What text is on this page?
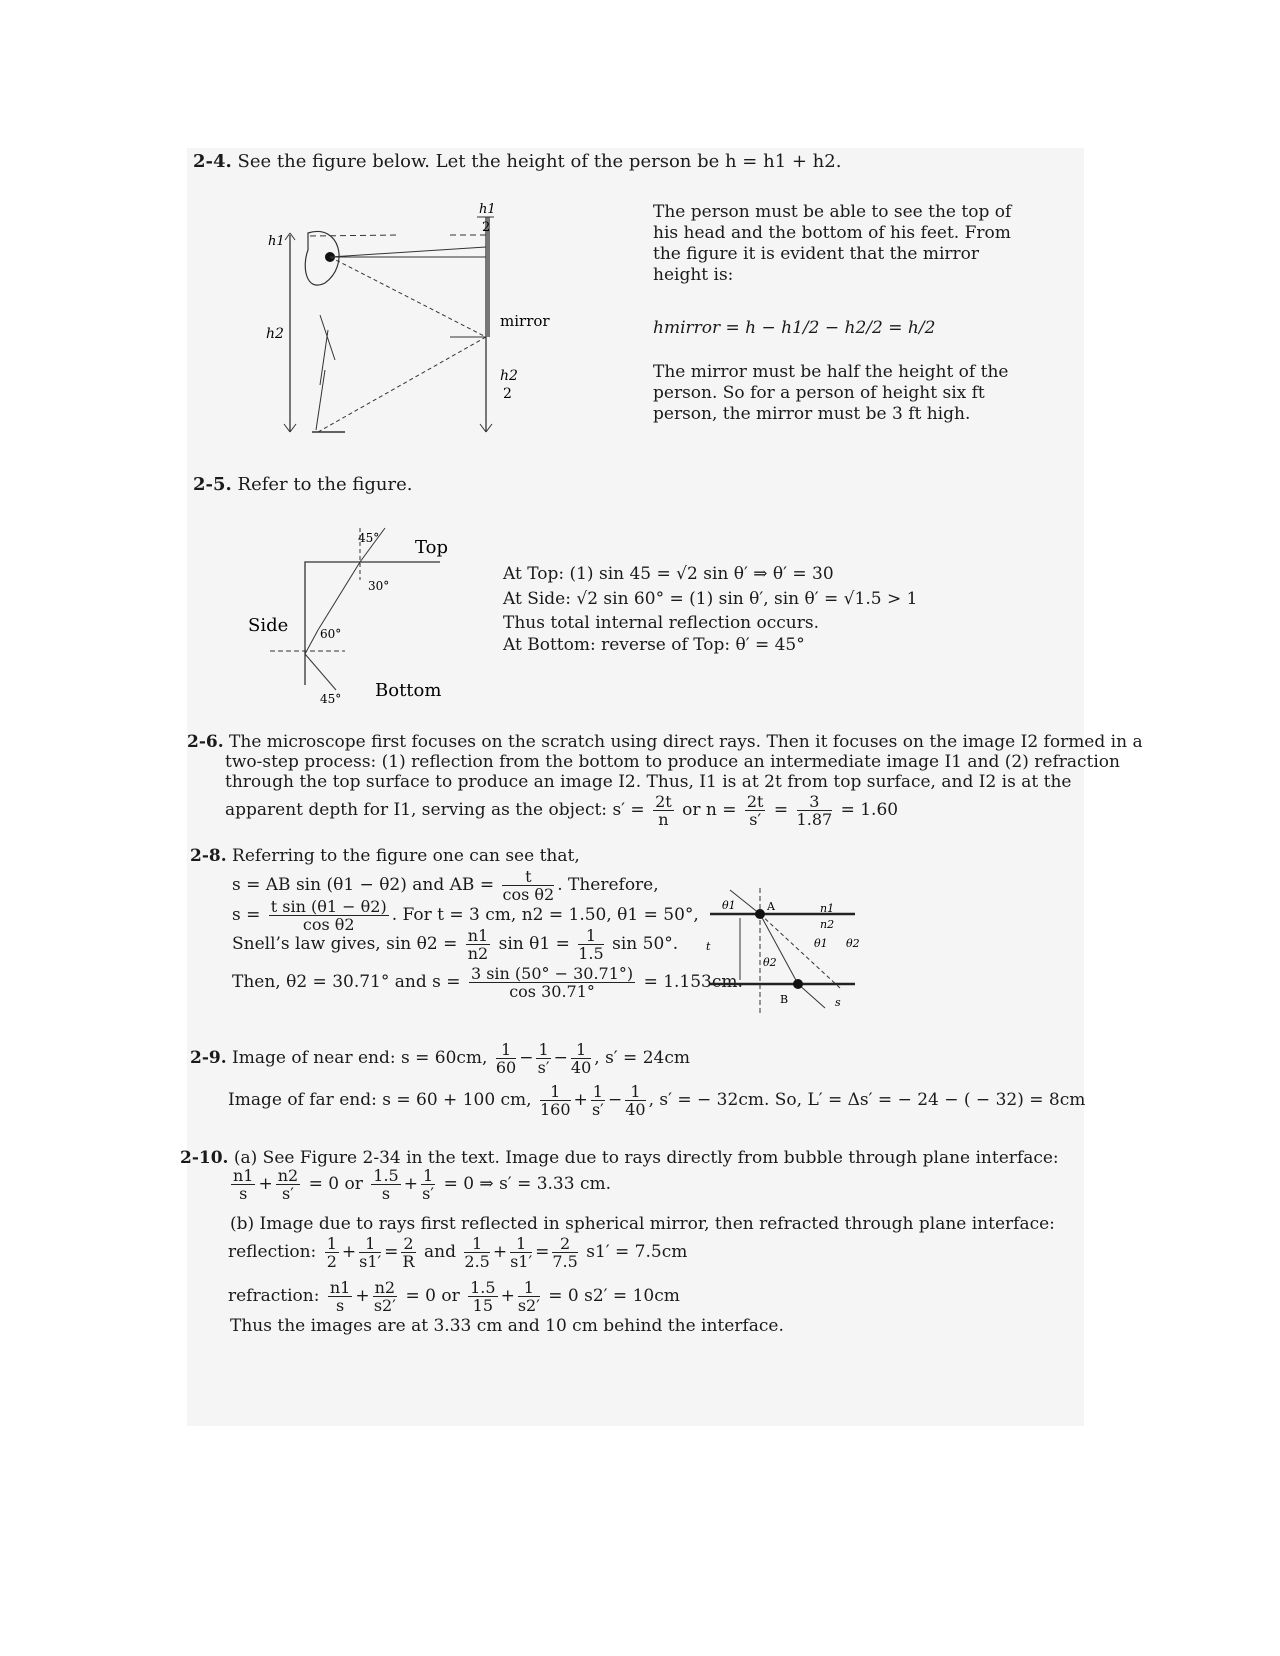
2-4. See the figure below. Let the height of the person be h = h1 + h2.
h1
h2
h1
2
mirror
h2
2
The person must be able to see the top of his head and the bottom of his feet. From the figure it is evident that the mirror height is:
hmirror = h − h1/2 − h2/2 = h/2
The mirror must be half the height of the person. So for a person of height six ft person, the mirror must be 3 ft high.
2-5. Refer to the figure.
45°
30°
60°
45°
Top
Side
Bottom
At Top: (1) sin 45 = √2 sin θ′ ⇒ θ′ = 30
At Side: √2 sin 60° = (1) sin θ′, sin θ′ = √1.5 > 1
Thus total internal reflection occurs.
At Bottom: reverse of Top: θ′ = 45°
2-6. The microscope first focuses on the scratch using direct rays. Then it focuses on the image I2 formed in a
two-step process: (1) reflection from the bottom to produce an intermediate image I1 and (2) refraction
through the top surface to produce an image I2. Thus, I1 is at 2t from top surface, and I2 is at the
apparent depth for I1, serving as the object: $s' = \frac{2t}{n}$ or $n = \frac{2t}{s'} = \frac{3}{1.87} = 1.60$
2-8. Referring to the figure one can see that,
s = AB sin (θ1 − θ2) and AB = $\frac{t}{\text{cos θ2}}$ . Therefore,
$s = \frac{\text{t sin (θ1 − θ2)}}{\text{cos θ2}}$ . For t = 3 cm, n2 = 1.50, θ1 = 50°,
Snell’s law gives, $\sin \theta 2 = \frac{n1}{n2}$ $\sin \theta 1 = \frac{1}{1.5}$ sin 50°.
Then, θ2 = 30.71° and $s = \frac{3 \sin (50^\circ - 30.71^\circ)}{\cos 30.71^\circ} = 1.153cm$.
θ1	A	n1
n2
θ1 θ2
t
θ2
B	s
2-9. Image of near end: s = 60cm, $\frac{1}{60} - \frac{1}{s'} - \frac{1}{40}$ , s′ = 24cm
Image of far end: s = 60 + 100 cm, $\frac{1}{160} + \frac{1}{s'} - \frac{1}{40}$ , s′ = − 32cm. So, L′ = Δs′ = − 24 − ( − 32) = 8cm
2-10. (a) See Figure 2-34 in the text. Image due to rays directly from bubble through plane interface:
$\frac{n1}{s} + \frac{n2}{s'} = 0$ or $\frac{1.5}{s} + \frac{1}{s'} = 0$ ⇒ s′ = 3.33 cm.
(b) Image due to rays first reflected in spherical mirror, then refracted through plane interface:
reflection: $\frac{1}{2} + \frac{1}{s1'} = \frac{2}{R}$ and $\frac{1}{2.5} + \frac{1}{s1'} = \frac{2}{7.5} s1' = 7.5cm$
refraction: $\frac{n1}{s} + \frac{n2}{s2'} = 0$ or $\frac{1.5}{15} + \frac{1}{s2'} = 0$ s2′ = 10cm
Thus the images are at 3.33 cm and 10 cm behind the interface.
